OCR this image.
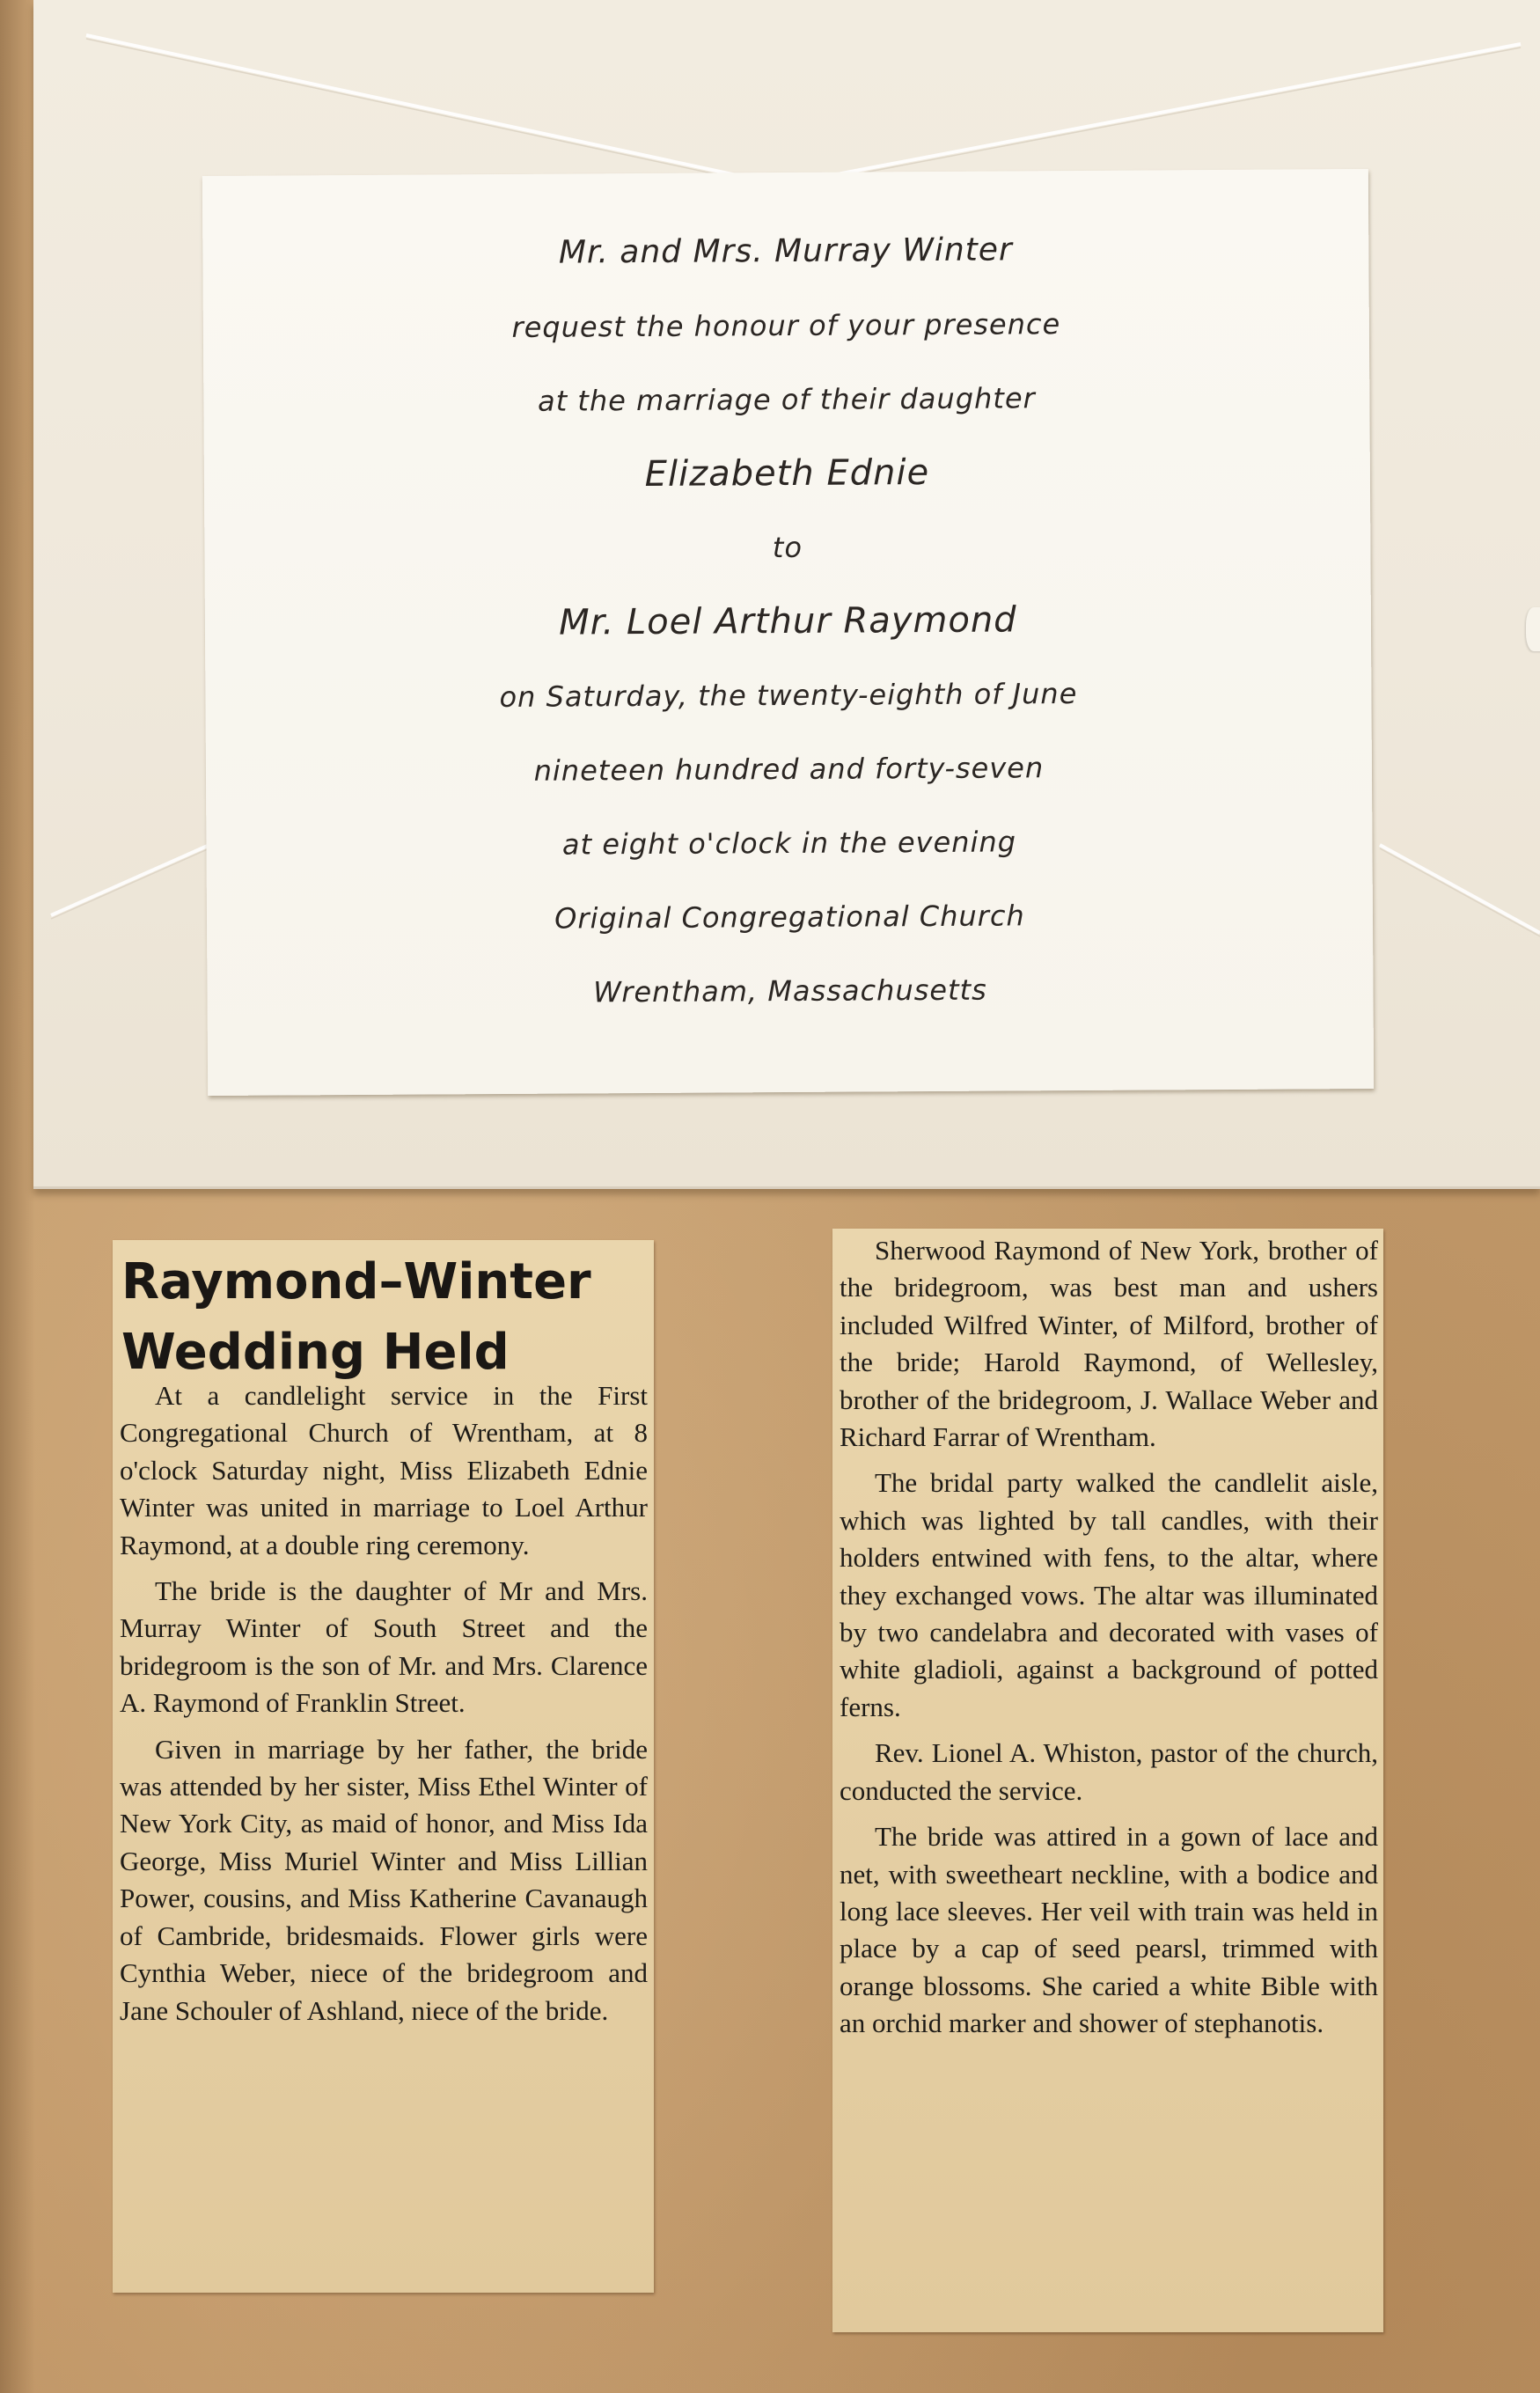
Mr. and Mrs. Murray Winter
request the honour of your presence
at the marriage of their daughter
Elizabeth Ednie
to
Mr. Loel Arthur Raymond
on Saturday, the twenty-eighth of June
nineteen hundred and forty-seven
at eight o'clock in the evening
Original Congregational Church
Wrentham, Massachusetts
Raymond–Winter
Wedding Held

At a candlelight service in the First Congregational Church of Wrentham, at 8 o'clock Saturday night, Miss Elizabeth Ednie Winter was united in marriage to Loel Arthur Raymond, at a double ring ceremony.

The bride is the daughter of Mr and Mrs. Murray Winter of South Street and the bridegroom is the son of Mr. and Mrs. Clarence A. Raymond of Franklin Street.

Given in marriage by her father, the bride was attended by her sister, Miss Ethel Winter of New York City, as maid of honor, and Miss Ida George, Miss Muriel Winter and Miss Lillian Power, cousins, and Miss Katherine Cavanaugh of Cambride, bridesmaids. Flower girls were Cynthia Weber, niece of the bridegroom and Jane Schouler of Ashland, niece of the bride.

Sherwood Raymond of New York, brother of the bridegroom, was best man and ushers included Wilfred Winter, of Milford, brother of the bride; Harold Raymond, of Wellesley, brother of the bridegroom, J. Wallace Weber and Richard Farrar of Wrentham.

The bridal party walked the candlelit aisle, which was lighted by tall candles, with their holders entwined with fens, to the altar, where they exchanged vows. The altar was illuminated by two candelabra and decorated with vases of white gladioli, against a background of potted ferns.

Rev. Lionel A. Whiston, pastor of the church, conducted the service.

The bride was attired in a gown of lace and net, with sweetheart neckline, with a bodice and long lace sleeves. Her veil with train was held in place by a cap of seed pearsl, trimmed with orange blossoms. She caried a white Bible with an orchid marker and shower of stephanotis.
